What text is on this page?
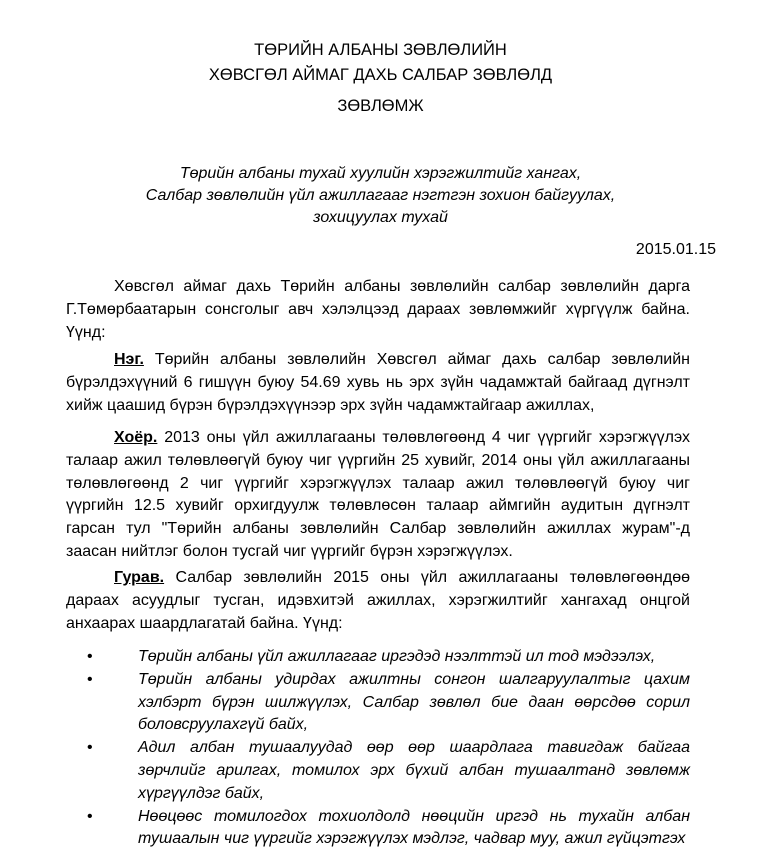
ТӨРИЙН АЛБАНЫ ЗӨВЛӨЛИЙН
ХӨВСГӨЛ АЙМАГ ДАХЬ САЛБАР ЗӨВЛӨЛД
ЗӨВЛӨМЖ
Төрийн албаны тухай хуулийн хэрэгжилтийг хангах,
Салбар зөвлөлийн үйл ажиллагааг нэгтгэн зохион байгуулах,
зохицуулах тухай
2015.01.15

Хөвсгөл аймаг дахь Төрийн албаны зөвлөлийн салбар зөвлөлийн дарга Г.Төмөрбаатарын сонсголыг авч хэлэлцээд дараах зөвлөмжийг хүргүүлж байна. Үүнд:

Нэг. Төрийн албаны зөвлөлийн Хөвсгөл аймаг дахь салбар зөвлөлийн бүрэлдэхүүний 6 гишүүн буюу 54.69 хувь нь эрх зүйн чадамжтай байгаад дүгнэлт хийж цаашид бүрэн бүрэлдэхүүнээр эрх зүйн чадамжтайгаар ажиллах,

Хоёр. 2013 оны үйл ажиллагааны төлөвлөгөөнд 4 чиг үүргийг хэрэгжүүлэх талаар ажил төлөвлөөгүй буюу чиг үүргийн 25 хувийг, 2014 оны үйл ажиллагааны төлөвлөгөөнд 2 чиг үүргийг хэрэгжүүлэх талаар ажил төлөвлөөгүй буюу чиг үүргийн 12.5 хувийг орхигдуулж төлөвлөсөн талаар аймгийн аудитын дүгнэлт гарсан тул "Төрийн албаны зөвлөлийн Салбар зөвлөлийн ажиллах журам"-д заасан нийтлэг болон тусгай чиг үүргийг бүрэн хэрэгжүүлэх.

Гурав. Салбар зөвлөлийн 2015 оны үйл ажиллагааны төлөвлөгөөндөө дараах асуудлыг тусган, идэвхитэй ажиллах, хэрэгжилтийг хангахад онцгой анхаарах шаардлагатай байна. Үүнд:

•	Төрийн албаны үйл ажиллагааг иргэдэд нээлттэй ил тод мэдээлэх,
•	Төрийн албаны удирдах ажилтны сонгон шалгаруулалтыг цахим хэлбэрт бүрэн шилжүүлэх, Салбар зөвлөл бие даан өөрсдөө сорил боловсруулахгүй байх,
•	Адил албан тушаалуудад өөр өөр шаардлага тавигдаж байгаа зөрчлийг арилгах, томилох эрх бүхий албан тушаалтанд зөвлөмж хүргүүлдэг байх,
•	Нөөцөөс томилогдох тохиолдолд нөөцийн иргэд нь тухайн албан тушаалын чиг үүргийг хэрэгжүүлэх мэдлэг, чадвар муу, ажил гүйцэтгэх
